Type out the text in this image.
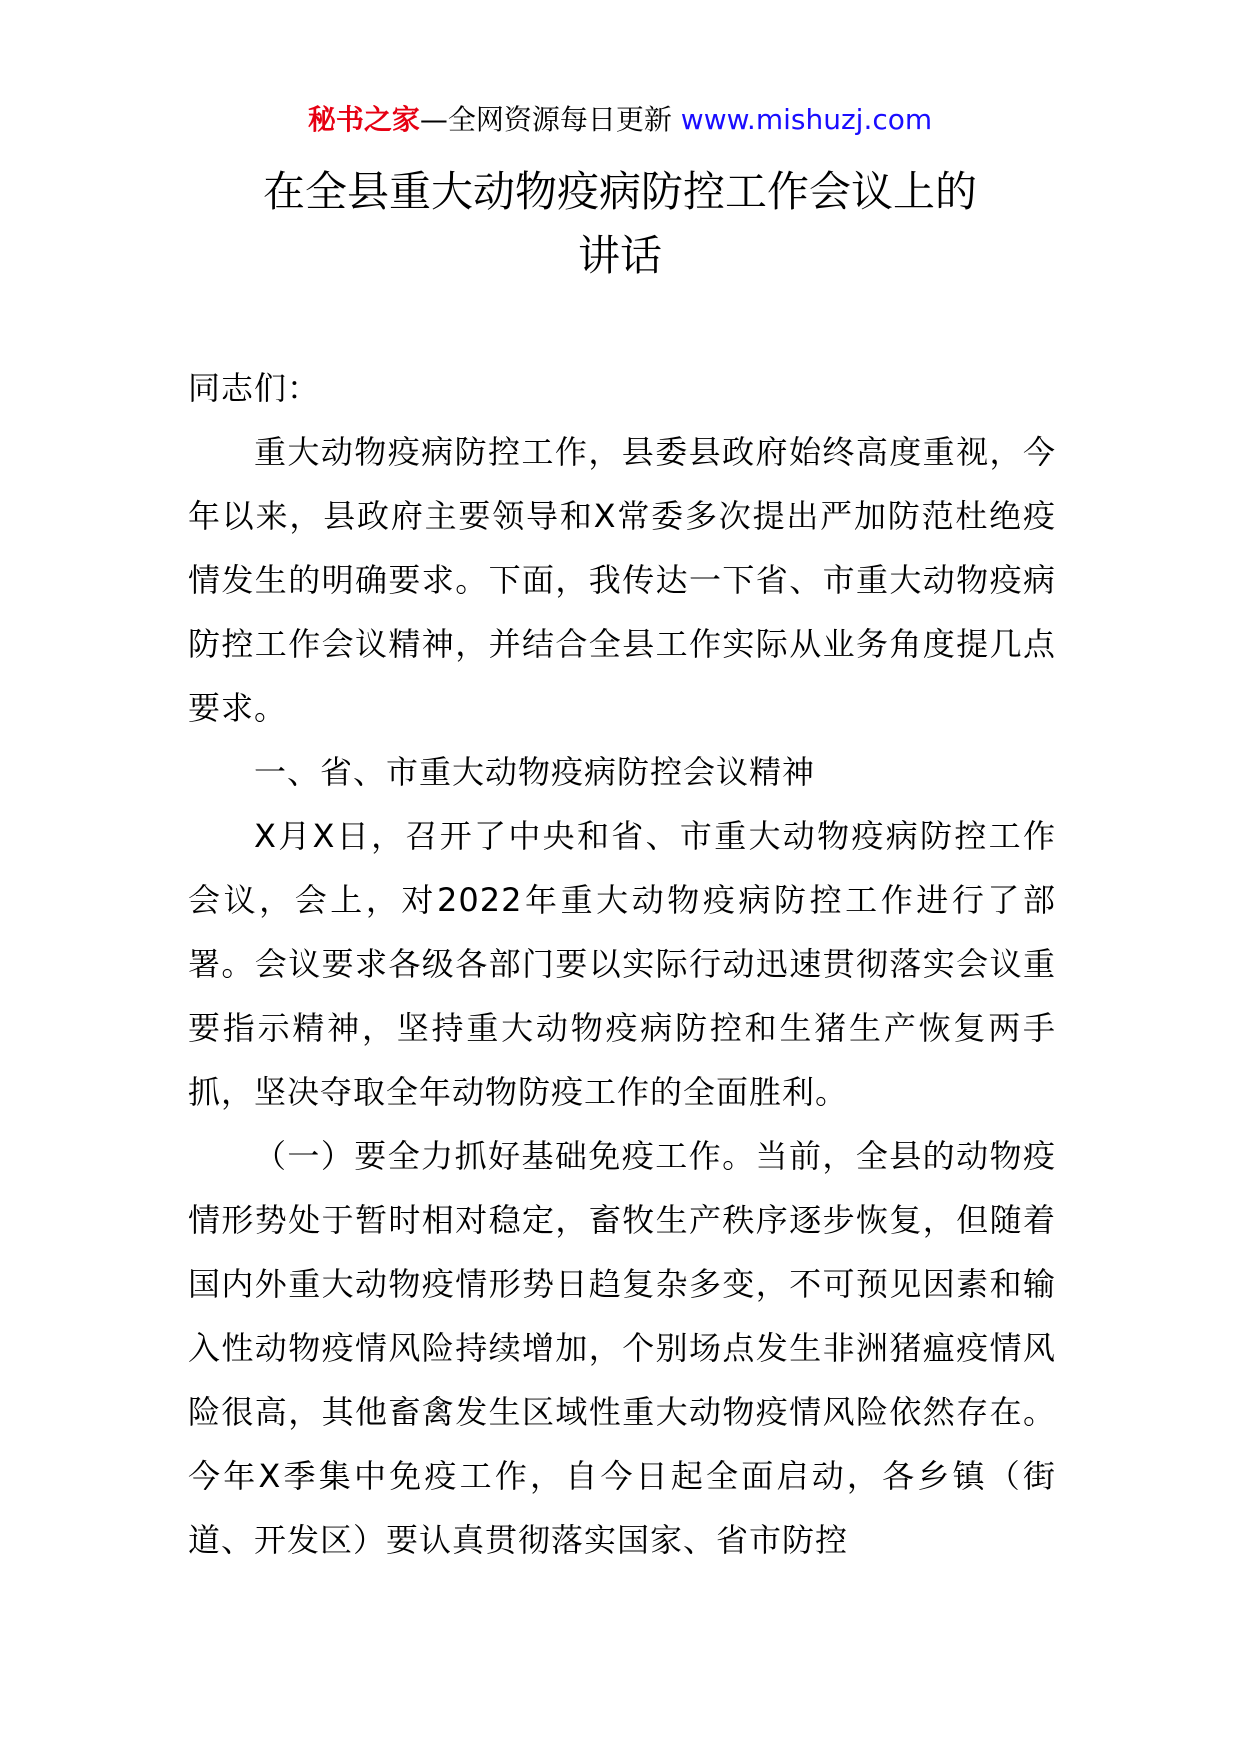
秘书之家—全网资源每日更新 www.mishuzj.com
在全县重大动物疫病防控工作会议上的
讲话

同志们：

重大动物疫病防控工作，县委县政府始终高度重视，今年以来，县政府主要领导和X常委多次提出严加防范杜绝疫情发生的明确要求。下面，我传达一下省、市重大动物疫病防控工作会议精神，并结合全县工作实际从业务角度提几点要求。

一、省、市重大动物疫病防控会议精神

X月X日，召开了中央和省、市重大动物疫病防控工作会议，会上，对2022年重大动物疫病防控工作进行了部署。会议要求各级各部门要以实际行动迅速贯彻落实会议重要指示精神，坚持重大动物疫病防控和生猪生产恢复两手抓，坚决夺取全年动物防疫工作的全面胜利。

（一）要全力抓好基础免疫工作。当前，全县的动物疫情形势处于暂时相对稳定，畜牧生产秩序逐步恢复，但随着国内外重大动物疫情形势日趋复杂多变，不可预见因素和输入性动物疫情风险持续增加，个别场点发生非洲猪瘟疫情风险很高，其他畜禽发生区域性重大动物疫情风险依然存在。今年X季集中免疫工作，自今日起全面启动，各乡镇（街道、开发区）要认真贯彻落实国家、省市防控
